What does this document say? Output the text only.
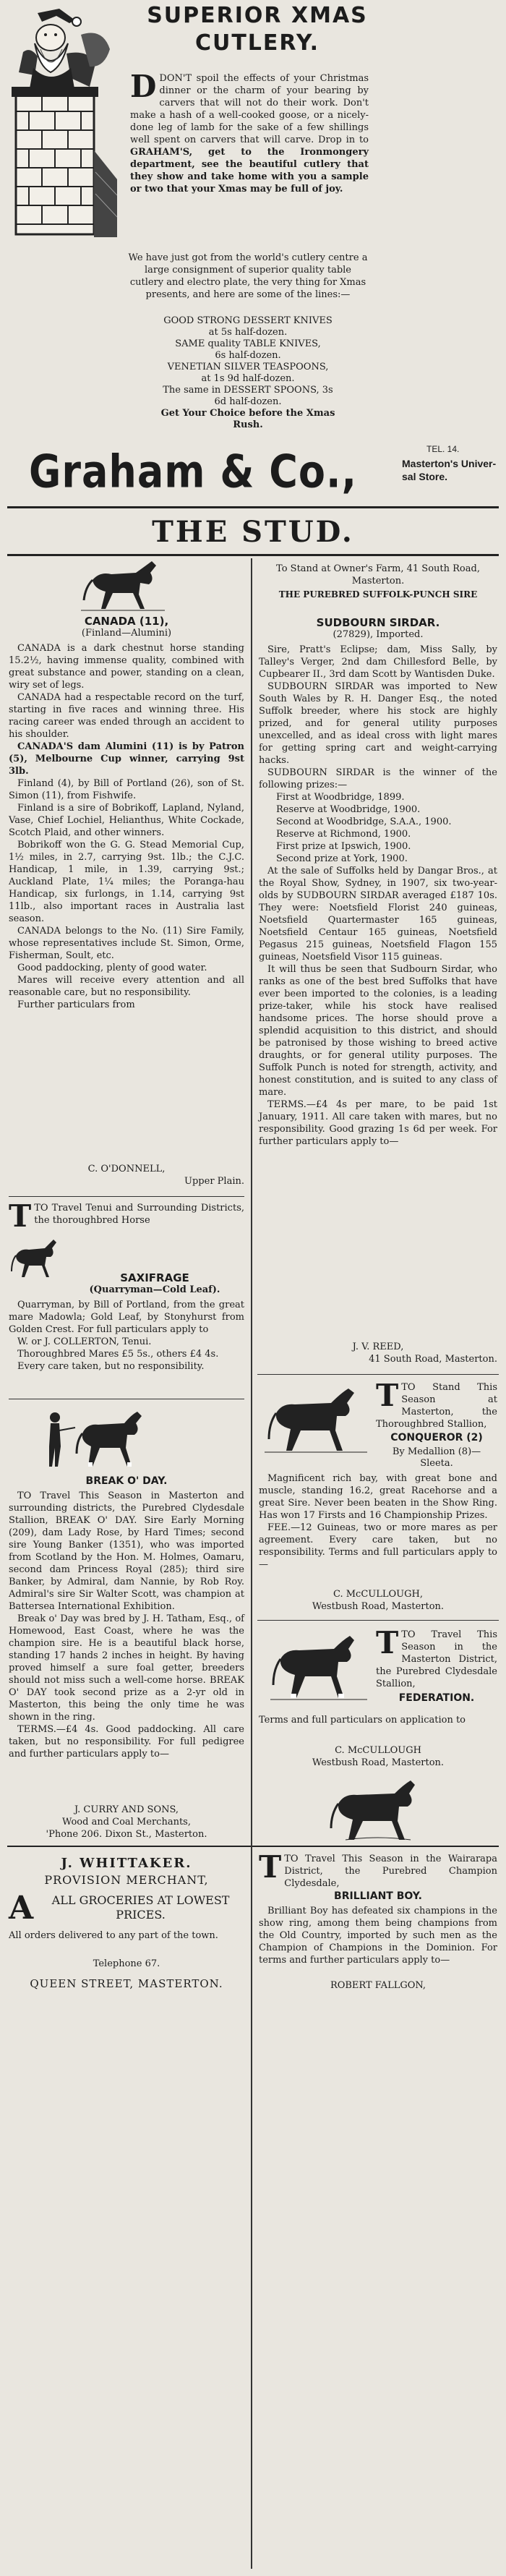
SUPERIOR XMAS
CUTLERY.
D DON'T spoil the effects of your Christmas dinner or the charm of your bearing by carvers that will not do their work. Don't make a hash of a well-cooked goose, or a nicely-done leg of lamb for the sake of a few shillings well spent on carvers that will carve. Drop in to GRAHAM'S, get to the Ironmongery department, see the beautiful cutlery that they show and take home with you a sample or two that your Xmas may be full of joy.
We have just got from the world's cutlery centre a large consignment of superior quality table cutlery and electro plate, the very thing for Xmas presents, and here are some of the lines:—
GOOD STRONG DESSERT KNIVES
at 5s half-dozen.
SAME quality TABLE KNIVES,
6s half-dozen.
VENETIAN SILVER TEASPOONS,
at 1s 9d half-dozen.
The same in DESSERT SPOONS, 3s
6d half-dozen.
Get Your Choice before the Xmas
Rush.
Graham & Co.,	TEL. 14.
Masterton's Univer-
sal Store.
THE STUD.
CANADA (11),
(Finland—Alumini)

CANADA is a dark chestnut horse standing 15.2½, having immense quality, combined with great substance and power, standing on a clean, wiry set of legs.

CANADA had a respectable record on the turf, starting in five races and winning three. His racing career was ended through an accident to his shoulder.

CANADA'S dam Alumini (11) is by Patron (5), Melbourne Cup winner, carrying 9st 3lb.

Finland (4), by Bill of Portland (26), son of St. Simon (11), from Fishwife.

Finland is a sire of Bobrikoff, Lapland, Nyland, Vase, Chief Lochiel, Helianthus, White Cockade, Scotch Plaid, and other winners.

Bobrikoff won the G. G. Stead Memorial Cup, 1½ miles, in 2.7, carrying 9st. 1lb.; the C.J.C. Handicap, 1 mile, in 1.39, carrying 9st.; Auckland Plate, 1¼ miles; the Poranga-hau Handicap, six furlongs, in 1.14, carrying 9st 11lb., also important races in Australia last season.

CANADA belongs to the No. (11) Sire Family, whose representatives include St. Simon, Orme, Fisherman, Soult, etc.

Good paddocking, plenty of good water.

Mares will receive every attention and all reasonable care, but no responsibility.

Further particulars from

C. O'DONNELL,
Upper Plain.
T TO Travel Tenui and Surrounding Districts, the thoroughbred Horse
SAXIFRAGE
(Quarryman—Cold Leaf).

Quarryman, by Bill of Portland, from the great mare Madowla; Gold Leaf, by Stonyhurst from Golden Crest. For full particulars apply to

W. or J. COLLERTON, Tenui.

Thoroughbred Mares £5 5s., others £4 4s.

Every care taken, but no responsibility.

BREAK O' DAY.

TO Travel This Season in Masterton and surrounding districts, the Purebred Clydesdale Stallion, BREAK O' DAY. Sire Early Morning (209), dam Lady Rose, by Hard Times; second sire Young Banker (1351), who was imported from Scotland by the Hon. M. Holmes, Oamaru, second dam Princess Royal (285); third sire Banker, by Admiral, dam Nannie, by Rob Roy. Admiral's sire Sir Walter Scott, was champion at Battersea International Exhibition.

Break o' Day was bred by J. H. Tatham, Esq., of Homewood, East Coast, where he was the champion sire. He is a beautiful black horse, standing 17 hands 2 inches in height. By having proved himself a sure foal getter, breeders should not miss such a well-come horse. BREAK O' DAY took second prize as a 2-yr old in Masterton, this being the only time he was shown in the ring.

TERMS.—£4 4s. Good paddocking. All care taken, but no responsibility. For full pedigree and further particulars apply to—

J. CURRY AND SONS,
Wood and Coal Merchants,
'Phone 206. Dixon St., Masterton.
J. WHITTAKER.
PROVISION MERCHANT,
A ALL GROCERIES AT LOWEST PRICES.
All orders delivered to any part of the town.
Telephone 67.
QUEEN STREET, MASTERTON.
To Stand at Owner's Farm, 41 South Road, Masterton.
THE PUREBRED SUFFOLK-PUNCH SIRE
SUDBOURN SIRDAR.
(27829), Imported.

Sire, Pratt's Eclipse; dam, Miss Sally, by Talley's Verger, 2nd dam Chillesford Belle, by Cupbearer II., 3rd dam Scott by Wantisden Duke.

SUDBOURN SIRDAR was imported to New South Wales by R. H. Danger Esq., the noted Suffolk breeder, where his stock are highly prized, and for general utility purposes unexcelled, and as ideal cross with light mares for getting spring cart and weight-carrying hacks.

SUDBOURN SIRDAR is the winner of the following prizes:—

First at Woodbridge, 1899.

Reserve at Woodbridge, 1900.

Second at Woodbridge, S.A.A., 1900.

Reserve at Richmond, 1900.

First prize at Ipswich, 1900.

Second prize at York, 1900.

At the sale of Suffolks held by Dangar Bros., at the Royal Show, Sydney, in 1907, six two-year-olds by SUDBOURN SIRDAR averaged £187 10s. They were: Noetsfield Florist 240 guineas, Noetsfield Quartermaster 165 guineas, Noetsfield Centaur 165 guineas, Noetsfield Pegasus 215 guineas, Noetsfield Flagon 155 guineas, Noetsfield Visor 115 guineas.

It will thus be seen that Sudbourn Sirdar, who ranks as one of the best bred Suffolks that have ever been imported to the colonies, is a leading prize-taker, while his stock have realised handsome prices. The horse should prove a splendid acquisition to this district, and should be patronised by those wishing to breed active draughts, or for general utility purposes. The Suffolk Punch is noted for strength, activity, and honest constitution, and is suited to any class of mare.

TERMS.—£4 4s per mare, to be paid 1st January, 1911. All care taken with mares, but no responsibility. Good grazing 1s 6d per week. For further particulars apply to—

J. V. REED,
41 South Road, Masterton.
T TO Stand This Season at Masterton, the Thoroughbred Stallion,
CONQUEROR (2)
By Medallion (8)— Sleeta.

Magnificent rich bay, with great bone and muscle, standing 16.2, great Racehorse and a great Sire. Never been beaten in the Show Ring. Has won 17 Firsts and 16 Championship Prizes.

FEE.—12 Guineas, two or more mares as per agreement. Every care taken, but no responsibility. Terms and full particulars apply to—

C. McCULLOUGH,
Westbush Road, Masterton.
T TO Travel This Season in the Masterton District, the Purebred Clydesdale Stallion,
FEDERATION.
Terms and full particulars on application to
C. McCULLOUGH
Westbush Road, Masterton.
T TO Travel This Season in the Wairarapa District, the Purebred Champion Clydesdale,
BRILLIANT BOY.
Brilliant Boy has defeated six champions in the show ring, among them being champions from the Old Country, imported by such men as the Champion of Champions in the Dominion. For terms and further particulars apply to—
ROBERT FALLGON,
